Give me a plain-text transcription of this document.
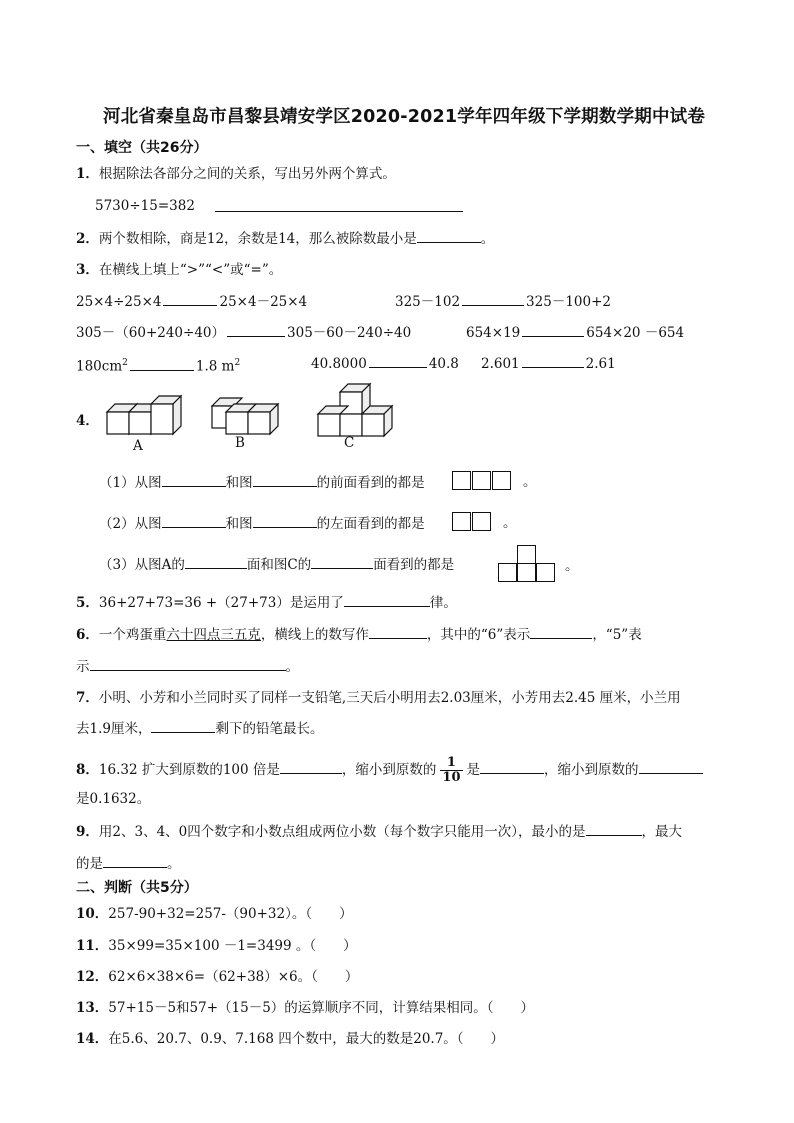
河北省秦皇岛市昌黎县靖安学区2020-2021学年四年级下学期数学期中试卷
一、填空（共26分）
1．根据除法各部分之间的关系，写出另外两个算式。
5730÷15=382
2．两个数相除，商是12，余数是14，那么被除数最小是	。
3．在横线上填上“>”“<”或“=”。
25×4÷25×4	25×4－25×4	325－102	325－100+2
305－（60+240÷40）	305－60－240÷40	654×19	654×20 －654
$180cm^2$	1.8 $m^2$	40.8000	40.8 2.601	2.61
4．
A	B	C
（1）从图	和图	的前面看到的都是	。
（2）从图	和图	的左面看到的都是	。
（3）从图A的	面和图C的	面看到的都是	。
5．36+27+73=36 +（27+73）是运用了	律。
6．一个鸡蛋重六十四点三五克，横线上的数写作	，其中的“6”表示	，“5”表
示	。
7．小明、小芳和小兰同时买了同样一支铅笔,三天后小明用去2.03厘米，小芳用去2.45 厘米，小兰用
去1.9厘米，	剩下的铅笔最长。
8．16.32 扩大到原数的100 倍是	，缩小到原数的 $\frac{1}{10}$ 是	，缩小到原数的
是0.1632。
9．用2、3、4、0四个数字和小数点组成两位小数（每个数字只能用一次），最小的是	，最大
的是	。
二、判断（共5分）
10．257-90+32=257-（90+32）。（　　）
11．35×99=35×100 －1=3499 。（　　）
12．62×6×38×6=（62+38）×6。（　　）
13．57+15－5和57+（15－5）的运算顺序不同，计算结果相同。（　　）
14．在5.6、20.7、0.9、7.168 四个数中，最大的数是20.7。（　　）
